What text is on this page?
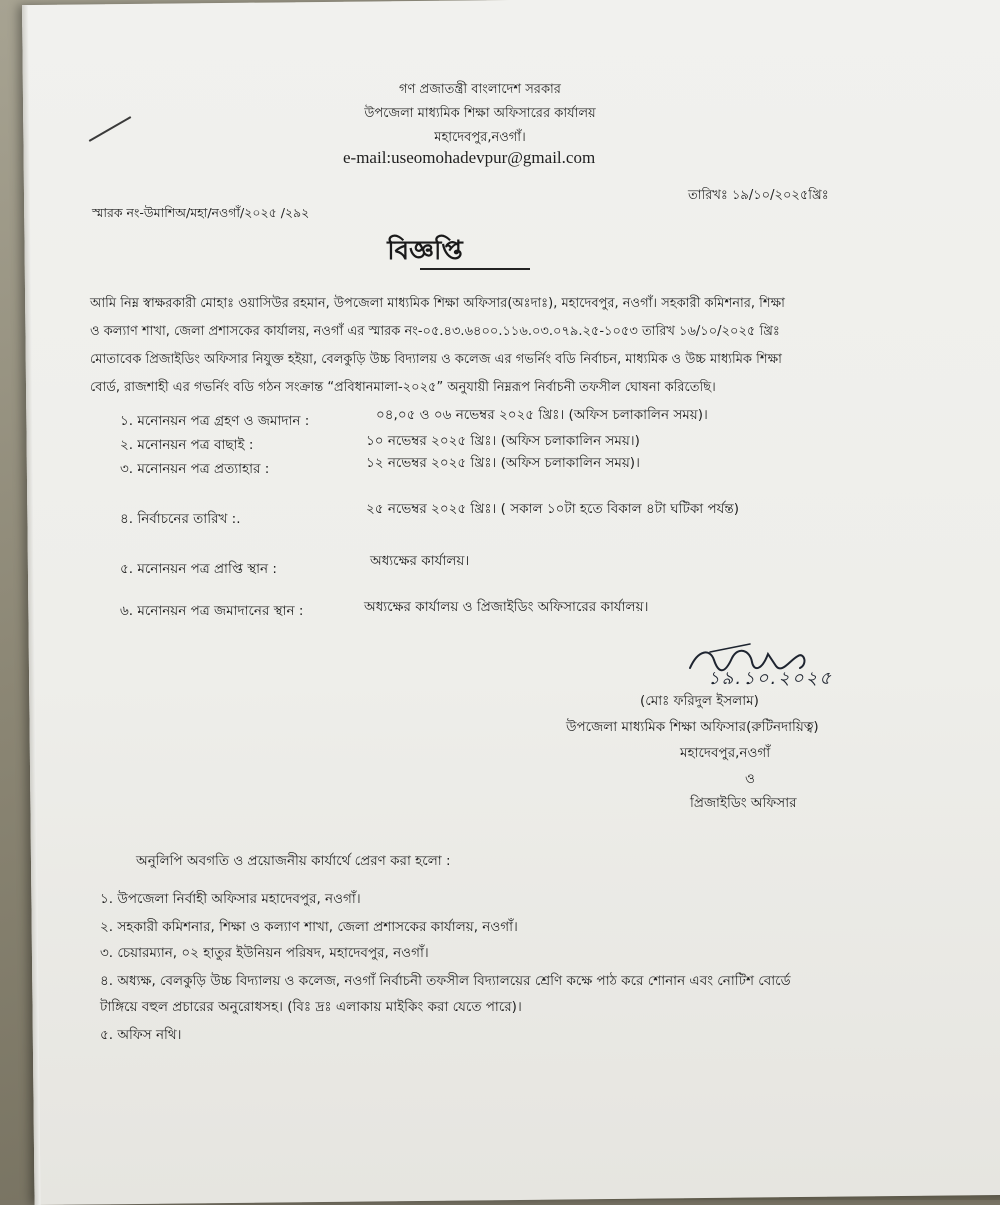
গণ প্রজাতন্ত্রী বাংলাদেশ সরকার
উপজেলা মাধ্যমিক শিক্ষা অফিসারের কার্যালয়
মহাদেবপুর,নওগাঁ।
e-mail:useomohadevpur@gmail.com
তারিখঃ ১৯/১০/২০২৫খ্রিঃ
স্মারক নং-উমাশিঅ/মহা/নওগাঁ/২০২৫ /২৯২
বিজ্ঞপ্তি
আমি নিম্ন স্বাক্ষরকারী মোহাঃ ওয়াসিউর রহমান, উপজেলা মাধ্যমিক শিক্ষা অফিসার(অঃদাঃ), মহাদেবপুর, নওগাঁ। সহকারী কমিশনার, শিক্ষা
ও কল্যাণ শাখা, জেলা প্রশাসকের কার্যালয়, নওগাঁ এর স্মারক নং-০৫.৪৩.৬৪০০.১১৬.০৩.০৭৯.২৫-১০৫৩ তারিখ ১৬/১০/২০২৫ খ্রিঃ
মোতাবেক প্রিজাইডিং অফিসার নিযুক্ত হইয়া, বেলকুড়ি উচ্চ বিদ্যালয় ও কলেজ এর গভর্নিং বডি নির্বাচন, মাধ্যমিক ও উচ্চ মাধ্যমিক শিক্ষা
বোর্ড, রাজশাহী এর গভর্নিং বডি গঠন সংক্রান্ত “প্রবিধানমালা-২০২৫” অনুযায়ী নিম্নরূপ নির্বাচনী তফসীল ঘোষনা করিতেছি।
১. মনোনয়ন পত্র গ্রহণ ও জমাদান :	০৪,০৫ ও ০৬ নভেম্বর ২০২৫ খ্রিঃ। (অফিস চলাকালিন সময়)।
২. মনোনয়ন পত্র বাছাই :	১০ নভেম্বর ২০২৫ খ্রিঃ। (অফিস চলাকালিন সময়।)
৩. মনোনয়ন পত্র প্রত্যাহার :	১২ নভেম্বর ২০২৫ খ্রিঃ। (অফিস চলাকালিন সময়)।
৪. নির্বাচনের তারিখ :.
২৫ নভেম্বর ২০২৫ খ্রিঃ। ( সকাল ১০টা হতে বিকাল ৪টা ঘটিকা পর্যন্ত)
৫. মনোনয়ন পত্র প্রাপ্তি স্থান :	অধ্যক্ষের কার্যালয়।
৬. মনোনয়ন পত্র জমাদানের স্থান :	অধ্যক্ষের কার্যালয় ও প্রিজাইডিং অফিসারের কার্যালয়।
১৯.১০.২০২৫
(মোঃ ফরিদুল ইসলাম)
উপজেলা মাধ্যমিক শিক্ষা অফিসার(রুটিনদায়িত্ব)
মহাদেবপুর,নওগাঁ
ও
প্রিজাইডিং অফিসার
অনুলিপি অবগতি ও প্রয়োজনীয় কার্যার্থে প্রেরণ করা হলো :
১. উপজেলা নির্বাহী অফিসার মহাদেবপুর, নওগাঁ।
২. সহকারী কমিশনার, শিক্ষা ও কল্যাণ শাখা, জেলা প্রশাসকের কার্যালয়, নওগাঁ।
৩. চেয়ারম্যান, ০২ হাতুর ইউনিয়ন পরিষদ, মহাদেবপুর, নওগাঁ।
৪. অধ্যক্ষ, বেলকুড়ি উচ্চ বিদ্যালয় ও কলেজ, নওগাঁ নির্বাচনী তফসীল বিদ্যালয়ের শ্রেণি কক্ষে পাঠ করে শোনান এবং নোটিশ বোর্ডে
টাঙ্গিয়ে বহুল প্রচারের অনুরোধসহ। (বিঃ দ্রঃ এলাকায় মাইকিং করা যেতে পারে)।
৫. অফিস নথি।
